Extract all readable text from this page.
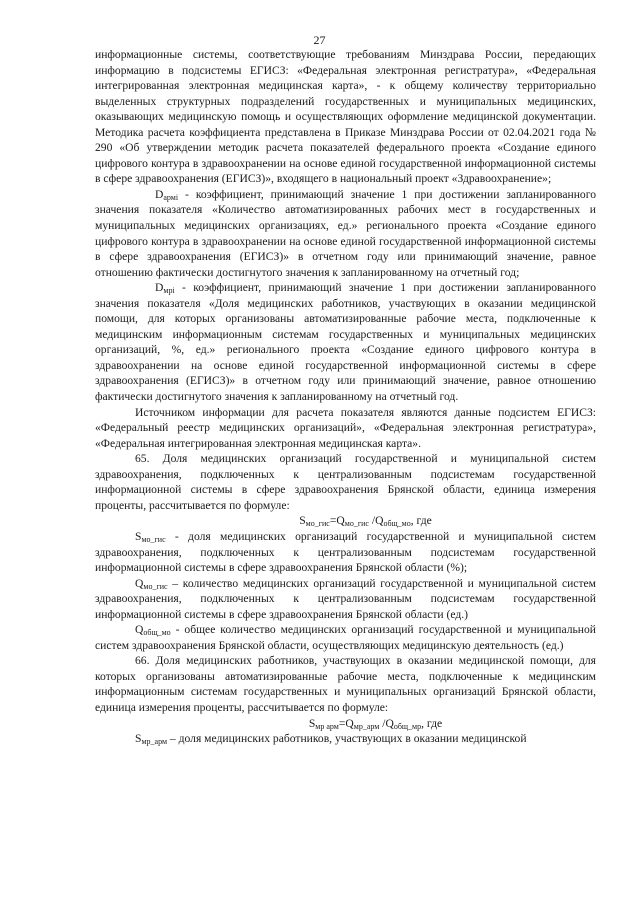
27

информационные системы, соответствующие требованиям Минздрава России, передающих информацию в подсистемы ЕГИСЗ: «Федеральная электронная регистратура», «Федеральная интегрированная электронная медицинская карта», - к общему количеству территориально выделенных структурных подразделений государственных и муниципальных медицинских, оказывающих медицинскую помощь и осуществляющих оформление медицинской документации. Методика расчета коэффициента представлена в Приказе Минздрава России от 02.04.2021 года № 290 «Об утверждении методик расчета показателей федерального проекта «Создание единого цифрового контура в здравоохранении на основе единой государственной информационной системы в сфере здравоохранения (ЕГИСЗ)», входящего в национальный проект «Здравоохранение»;

$D_{армi}$ - коэффициент, принимающий значение 1 при достижении запланированного значения показателя «Количество автоматизированных рабочих мест в государственных и муниципальных медицинских организациях, ед.» регионального проекта «Создание единого цифрового контура в здравоохранении на основе единой государственной информационной системы в сфере здравоохранения (ЕГИСЗ)» в отчетном году или принимающий значение, равное отношению фактически достигнутого значения к запланированному на отчетный год;

$D_{мрi}$ - коэффициент, принимающий значение 1 при достижении запланированного значения показателя «Доля медицинских работников, участвующих в оказании медицинской помощи, для которых организованы автоматизированные рабочие места, подключенные к медицинским информационным системам государственных и муниципальных медицинских организаций, %, ед.» регионального проекта «Создание единого цифрового контура в здравоохранении на основе единой государственной информационной системы в сфере здравоохранения (ЕГИСЗ)» в отчетном году или принимающий значение, равное отношению фактически достигнутого значения к запланированному на отчетный год.

Источником информации для расчета показателя являются данные подсистем ЕГИСЗ: «Федеральный реестр медицинских организаций», «Федеральная электронная регистратура», «Федеральная интегрированная электронная медицинская карта».

65. Доля медицинских организаций государственной и муниципальной систем здравоохранения, подключенных к централизованным подсистемам государственной информационной системы в сфере здравоохранения Брянской области, единица измерения проценты, рассчитывается по формуле:

$S_{мо\_гис}=Q_{мо\_гис}$ $/Q_{общ\_мо}$, где

$S_{мо\_гис}$ - доля медицинских организаций государственной и муниципальной систем здравоохранения, подключенных к централизованным подсистемам государственной информационной системы в сфере здравоохранения Брянской области (%);

$Q_{мо\_гис}$ – количество медицинских организаций государственной и муниципальной систем здравоохранения, подключенных к централизованным подсистемам государственной информационной системы в сфере здравоохранения Брянской области (ед.)

$Q_{общ\_мо}$ - общее количество медицинских организаций государственной и муниципальной систем здравоохранения Брянской области, осуществляющих медицинскую деятельность (ед.)

66. Доля медицинских работников, участвующих в оказании медицинской помощи, для которых организованы автоматизированные рабочие места, подключенные к медицинским информационным системам государственных и муниципальных организаций Брянской области, единица измерения проценты, рассчитывается по формуле:

$S_{мр арм}=Q_{мр\_арм}$ $/Q_{общ\_мр}$, где

$S_{мр\_арм}$ – доля медицинских работников, участвующих в оказании медицинской
